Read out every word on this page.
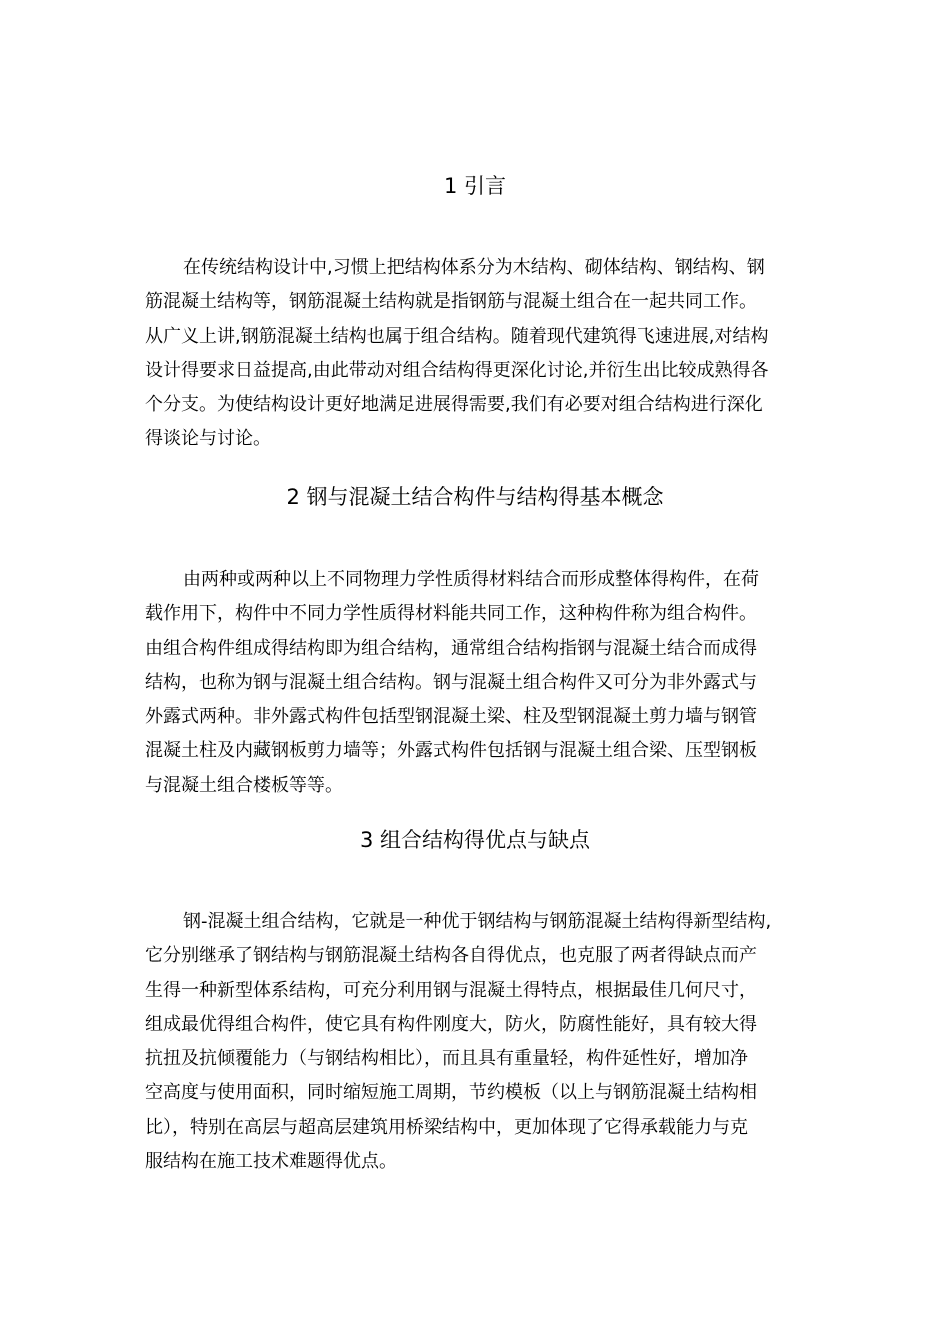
1 引言
在传统结构设计中,习惯上把结构体系分为木结构、砌体结构、钢结构、钢
筋混凝土结构等，钢筋混凝土结构就是指钢筋与混凝土组合在一起共同工作。
从广义上讲,钢筋混凝土结构也属于组合结构。随着现代建筑得飞速进展,对结构
设计得要求日益提高,由此带动对组合结构得更深化讨论,并衍生出比较成熟得各
个分支。为使结构设计更好地满足进展得需要,我们有必要对组合结构进行深化
得谈论与讨论。
2 钢与混凝土结合构件与结构得基本概念
由两种或两种以上不同物理力学性质得材料结合而形成整体得构件，在荷
载作用下，构件中不同力学性质得材料能共同工作，这种构件称为组合构件。
由组合构件组成得结构即为组合结构，通常组合结构指钢与混凝土结合而成得
结构，也称为钢与混凝土组合结构。钢与混凝土组合构件又可分为非外露式与
外露式两种。非外露式构件包括型钢混凝土梁、柱及型钢混凝土剪力墙与钢管
混凝土柱及内藏钢板剪力墙等；外露式构件包括钢与混凝土组合梁、压型钢板
与混凝土组合楼板等等。
3 组合结构得优点与缺点
钢-混凝土组合结构，它就是一种优于钢结构与钢筋混凝土结构得新型结构,
它分别继承了钢结构与钢筋混凝土结构各自得优点，也克服了两者得缺点而产
生得一种新型体系结构，可充分利用钢与混凝土得特点，根据最佳几何尺寸，
组成最优得组合构件，使它具有构件刚度大，防火，防腐性能好，具有较大得
抗扭及抗倾覆能力（与钢结构相比），而且具有重量轻，构件延性好，增加净
空高度与使用面积，同时缩短施工周期，节约模板（以上与钢筋混凝土结构相
比），特别在高层与超高层建筑用桥梁结构中，更加体现了它得承载能力与克
服结构在施工技术难题得优点。
